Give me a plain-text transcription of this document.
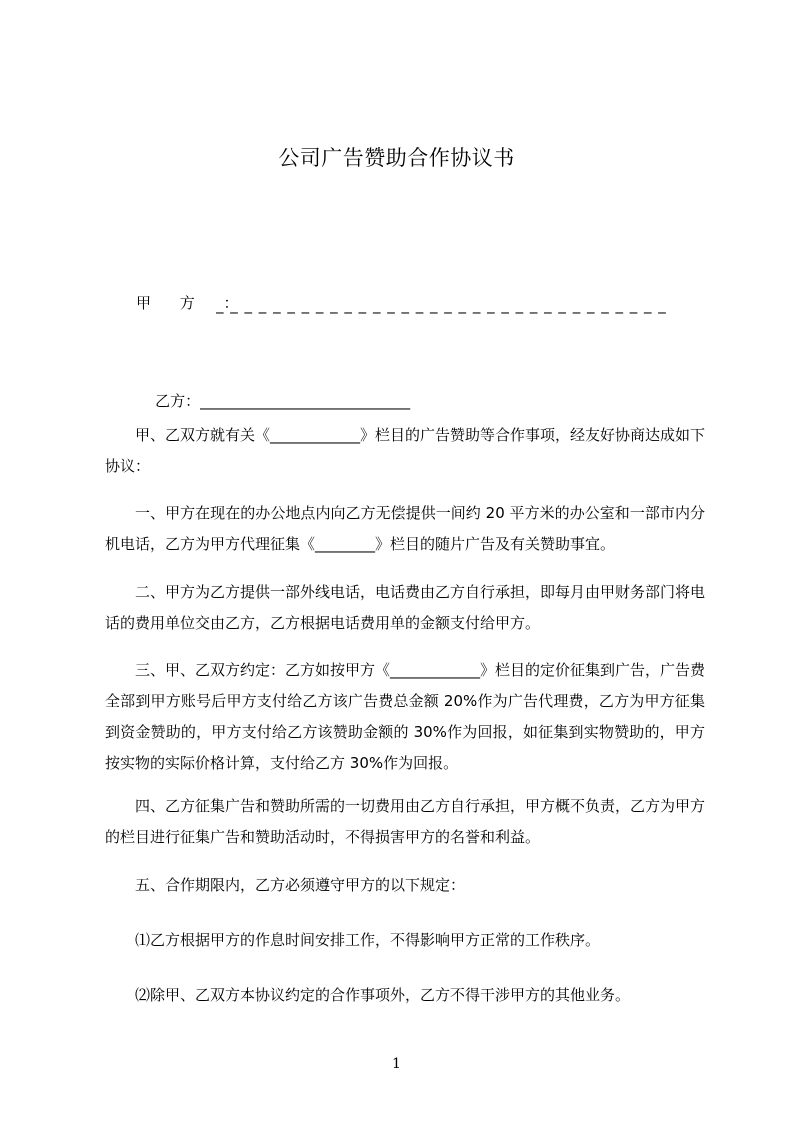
公司广告赞助合作协议书
甲 方 ：
_ _ _ _ _ _ _ _ _ _ _ _ _ _ _ _ _ _ _ _ _ _ _ _ _ _ _ _ _ _ _ _

乙方：____________________________

甲、乙双方就有关《____________》栏目的广告赞助等合作事项，经友好协商达成如下协议：
一、甲方在现在的办公地点内向乙方无偿提供一间约 20 平方米的办公室和一部市内分机电话，乙方为甲方代理征集《________》栏目的随片广告及有关赞助事宜。
二、甲方为乙方提供一部外线电话，电话费由乙方自行承担，即每月由甲财务部门将电话的费用单位交由乙方，乙方根据电话费用单的金额支付给甲方。
三、甲、乙双方约定：乙方如按甲方《____________》栏目的定价征集到广告，广告费全部到甲方账号后甲方支付给乙方该广告费总金额 20%作为广告代理费，乙方为甲方征集到资金赞助的，甲方支付给乙方该赞助金额的 30%作为回报，如征集到实物赞助的，甲方按实物的实际价格计算，支付给乙方 30%作为回报。
四、乙方征集广告和赞助所需的一切费用由乙方自行承担，甲方概不负责，乙方为甲方的栏目进行征集广告和赞助活动时，不得损害甲方的名誉和利益。
五、合作期限内，乙方必须遵守甲方的以下规定：
⑴乙方根据甲方的作息时间安排工作，不得影响甲方正常的工作秩序。
⑵除甲、乙双方本协议约定的合作事项外，乙方不得干涉甲方的其他业务。
1
